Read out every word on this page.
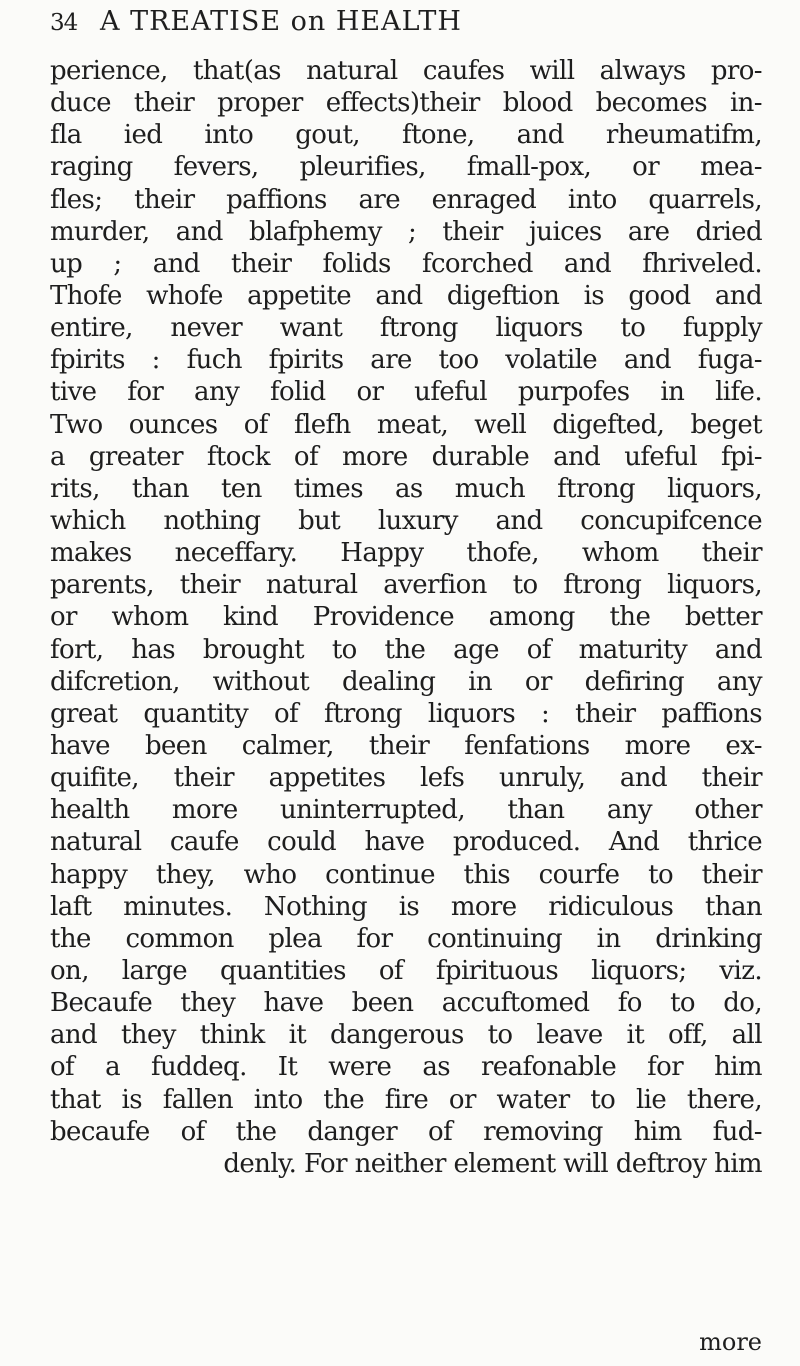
34 A TREATISE on HEALTH
perience, that(as natural caufes will always pro-
duce their proper effects)their blood becomes in-
fla ied into gout, ftone, and rheumatifm,
raging fevers, pleurifies, fmall-pox, or mea-
fles; their paffions are enraged into quarrels,
murder, and blafphemy ; their juices are dried
up ; and their folids fcorched and fhriveled.
Thofe whofe appetite and digeftion is good and
entire, never want ftrong liquors to fupply
fpirits : fuch fpirits are too volatile and fuga-
tive for any folid or ufeful purpofes in life.
Two ounces of flefh meat, well digefted, beget
a greater ftock of more durable and ufeful fpi-
rits, than ten times as much ftrong liquors,
which nothing but luxury and concupifcence
makes neceffary. Happy thofe, whom their
parents, their natural averfion to ftrong liquors,
or whom kind Providence among the better
fort, has brought to the age of maturity and
difcretion, without dealing in or defiring any
great quantity of ftrong liquors : their paffions
have been calmer, their fenfations more ex-
quifite, their appetites lefs unruly, and their
health more uninterrupted, than any other
natural caufe could have produced. And thrice
happy they, who continue this courfe to their
laft minutes. Nothing is more ridiculous than
the common plea for continuing in drinking
on, large quantities of fpirituous liquors; viz.
Becaufe they have been accuftomed fo to do,
and they think it dangerous to leave it off, all
of a fuddeq. It were as reafonable for him
that is fallen into the fire or water to lie there,
becaufe of the danger of removing him fud-
denly. For neither element will deftroy him
more
